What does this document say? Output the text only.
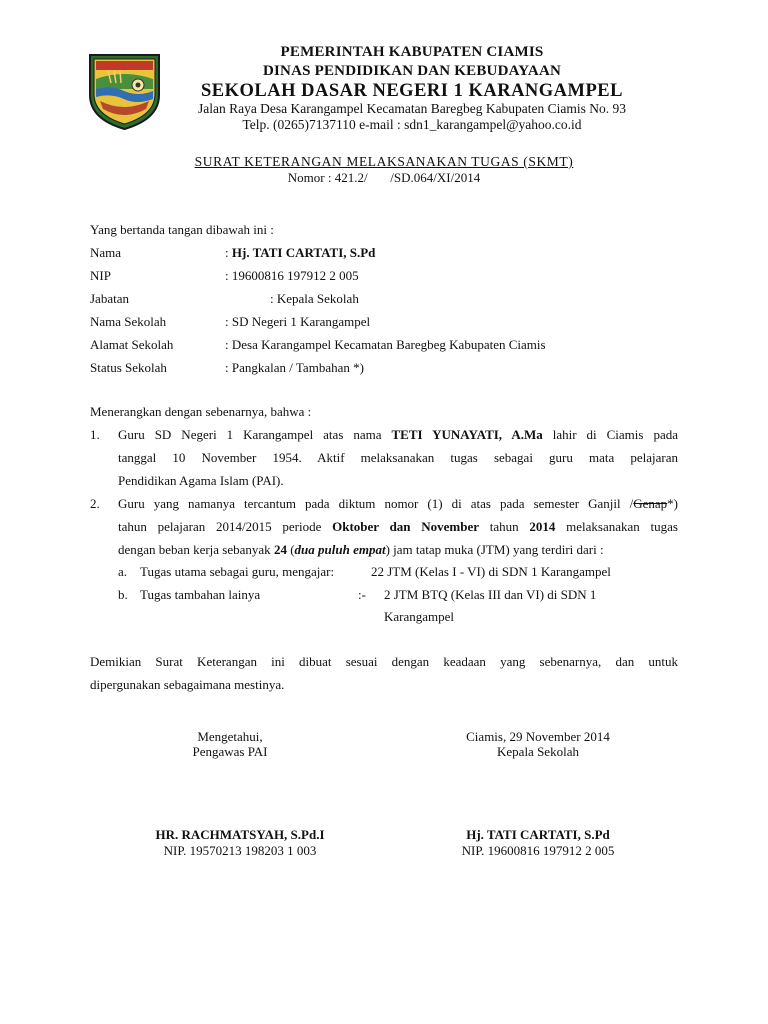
PEMERINTAH KABUPATEN CIAMIS
DINAS PENDIDIKAN DAN KEBUDAYAAN
SEKOLAH DASAR NEGERI 1 KARANGAMPEL
Jalan Raya Desa Karangampel Kecamatan Baregbeg Kabupaten Ciamis No. 93
Telp. (0265)7137110 e-mail : sdn1_karangampel@yahoo.co.id
SURAT KETERANGAN MELAKSANAKAN TUGAS (SKMT)
Nomor : 421.2/       /SD.064/XI/2014
Yang bertanda tangan dibawah ini :
Nama	: Hj. TATI CARTATI, S.Pd
NIP	: 19600816 197912 2 005
Jabatan	: Kepala Sekolah
Nama Sekolah	: SD Negeri 1 Karangampel
Alamat Sekolah	: Desa Karangampel Kecamatan Baregbeg Kabupaten Ciamis
Status Sekolah	: Pangkalan / Tambahan *)
Menerangkan dengan sebenarnya, bahwa :
1. Guru SD Negeri 1 Karangampel atas nama TETI YUNAYATI, A.Ma lahir di Ciamis pada
tanggal 10 November 1954. Aktif melaksanakan tugas sebagai guru mata pelajaran
Pendidikan Agama Islam (PAI).
2. Guru yang namanya tercantum pada diktum nomor (1) di atas pada semester Ganjil /Genap*)
tahun pelajaran 2014/2015 periode Oktober dan November tahun 2014 melaksanakan tugas
dengan beban kerja sebanyak 24 (dua puluh empat) jam tatap muka (JTM) yang terdiri dari :
a. Tugas utama sebagai guru, mengajar:	22 JTM (Kelas I - VI) di SDN 1 Karangampel
b. Tugas tambahan lainya	:- 2 JTM BTQ (Kelas III dan VI) di SDN 1
Karangampel
Demikian Surat Keterangan ini dibuat sesuai dengan keadaan yang sebenarnya, dan untuk
dipergunakan sebagaimana mestinya.
Mengetahui,
Pengawas PAI
HR. RACHMATSYAH, S.Pd.I
NIP. 19570213 198203 1 003
Ciamis, 29 November 2014
Kepala Sekolah
Hj. TATI CARTATI, S.Pd
NIP. 19600816 197912 2 005
